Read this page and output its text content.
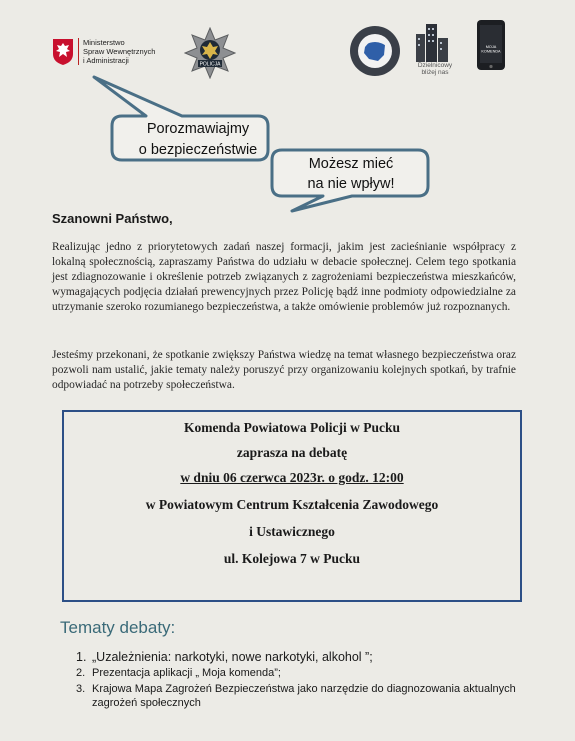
Ministerstwo
Spraw Wewnętrznych
i Administracji	POLICJA	Dzielnicowy bliżej nas
MOJA
KOMENDA
Porozmawiajmy
o bezpieczeństwie
Możesz mieć
na nie wpływ!
Szanowni Państwo,
Realizując jedno z priorytetowych zadań naszej formacji, jakim jest zacieśnianie współpracy z lokalną społecznością, zapraszamy Państwa do udziału w debacie społecznej. Celem tego spotkania jest zdiagnozowanie i określenie potrzeb związanych z zagrożeniami bezpieczeństwa mieszkańców, wymagających podjęcia działań prewencyjnych przez Policję bądź inne podmioty odpowiedzialne za utrzymanie szeroko rozumianego bezpieczeństwa, a także omówienie problemów już rozpoznanych.
Jesteśmy przekonani, że spotkanie zwiększy Państwa wiedzę na temat własnego bezpieczeństwa oraz pozwoli nam ustalić, jakie tematy należy poruszyć przy organizowaniu kolejnych spotkań, by trafnie odpowiadać na potrzeby społeczeństwa.
Komenda Powiatowa Policji w Pucku
zaprasza na debatę
w dniu 06 czerwca 2023r. o godz. 12:00
w Powiatowym Centrum Kształcenia Zawodowego
i Ustawicznego
ul. Kolejowa 7 w Pucku
Tematy debaty:
1. „Uzależnienia: narkotyki, nowe narkotyki, alkohol ”;
2. Prezentacja aplikacji „ Moja komenda”;
3. Krajowa Mapa Zagrożeń Bezpieczeństwa jako narzędzie do diagnozowania aktualnych zagrożeń społecznych
